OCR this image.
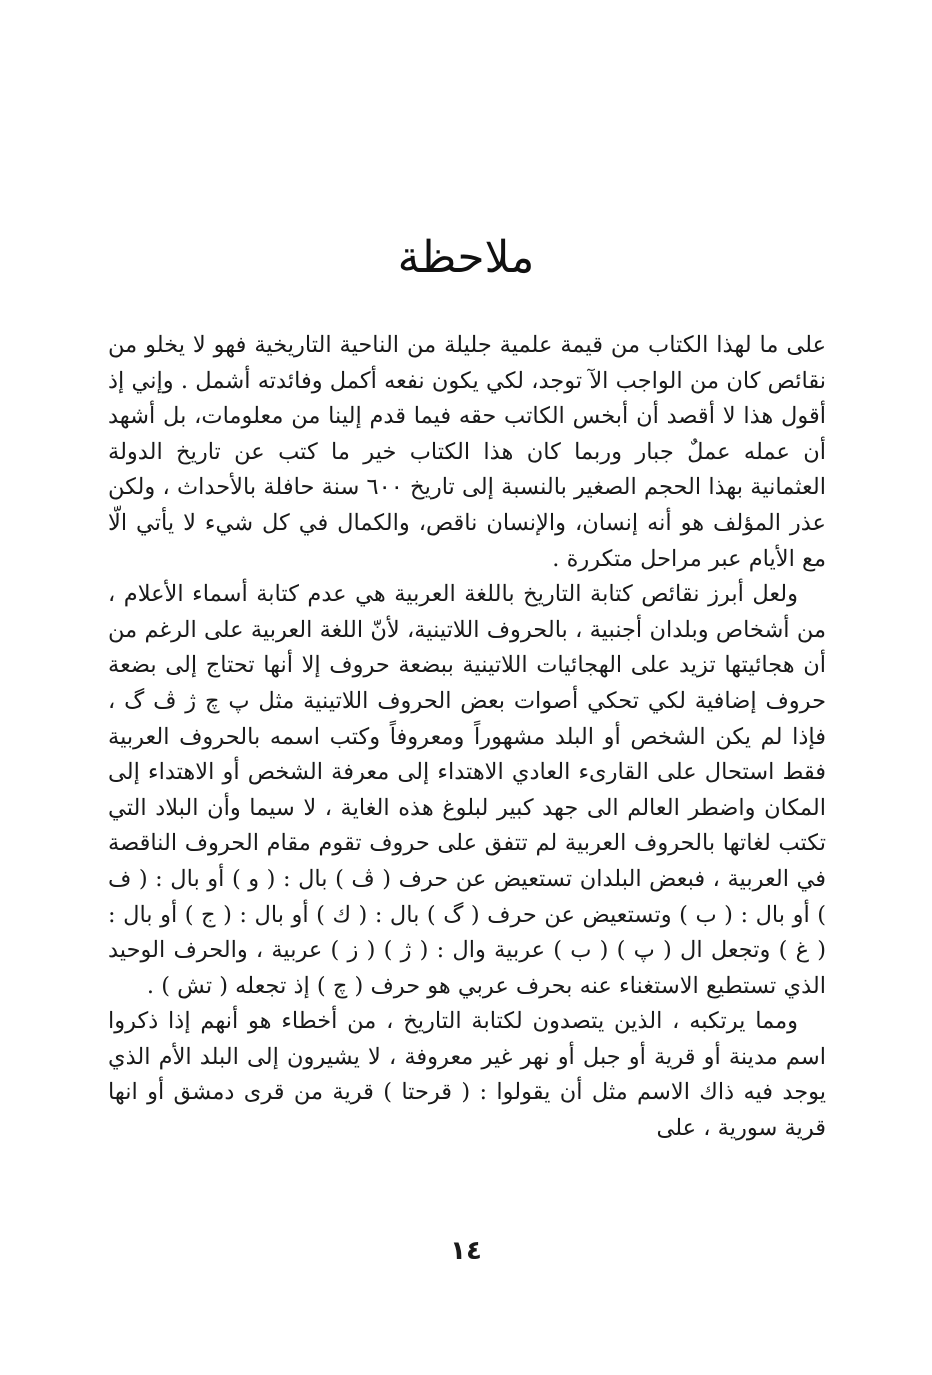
ملاحظة

على ما لهذا الكتاب من قيمة علمية جليلة من الناحية التاريخية فهو لا يخلو من نقائص كان من الواجب الآ توجد، لكي يكون نفعه أكمل وفائدته أشمل . وإني إذ أقول هذا لا أقصد أن أبخس الكاتب حقه فيما قدم إلينا من معلومات، بل أشهد أن عمله عملٌ جبار وربما كان هذا الكتاب خير ما كتب عن تاريخ الدولة العثمانية بهذا الحجم الصغير بالنسبة إلى تاريخ ٦٠٠ سنة حافلة بالأحداث ، ولكن عذر المؤلف هو أنه إنسان، والإنسان ناقص، والكمال في كل شيء لا يأتي الّا مع الأيام عبر مراحل متكررة .

ولعل أبرز نقائص كتابة التاريخ باللغة العربية هي عدم كتابة أسماء الأعلام ، من أشخاص وبلدان أجنبية ، بالحروف اللاتينية، لأنّ اللغة العربية على الرغم من أن هجائيتها تزيد على الهجائيات اللاتينية ببضعة حروف إلا أنها تحتاج إلى بضعة حروف إضافية لكي تحكي أصوات بعض الحروف اللاتينية مثل پ چ ژ ڤ گ ، فإذا لم يكن الشخص أو البلد مشهوراً ومعروفاً وكتب اسمه بالحروف العربية فقط استحال على القارىء العادي الاهتداء إلى معرفة الشخص أو الاهتداء إلى المكان واضطر العالم الى جهد كبير لبلوغ هذه الغاية ، لا سيما وأن البلاد التي تكتب لغاتها بالحروف العربية لم تتفق على حروف تقوم مقام الحروف الناقصة في العربية ، فبعض البلدان تستعيض عن حرف ( ڤ ) بال : ( و ) أو بال : ( ف ) أو بال : ( ب ) وتستعيض عن حرف ( گ ) بال : ( ك ) أو بال : ( ج ) أو بال : ( غ ) وتجعل ال ( پ ) ( ب ) عربية وال : ( ژ ) ( ز ) عربية ، والحرف الوحيد الذي تستطيع الاستغناء عنه بحرف عربي هو حرف ( چ ) إذ تجعله ( تش ) .

ومما يرتكبه ، الذين يتصدون لكتابة التاريخ ، من أخطاء هو أنهم إذا ذكروا اسم مدينة أو قرية أو جبل أو نهر غير معروفة ، لا يشيرون إلى البلد الأم الذي يوجد فيه ذاك الاسم مثل أن يقولوا : ( قرحتا ) قرية من قرى دمشق أو انها قرية سورية ، على

١٤
